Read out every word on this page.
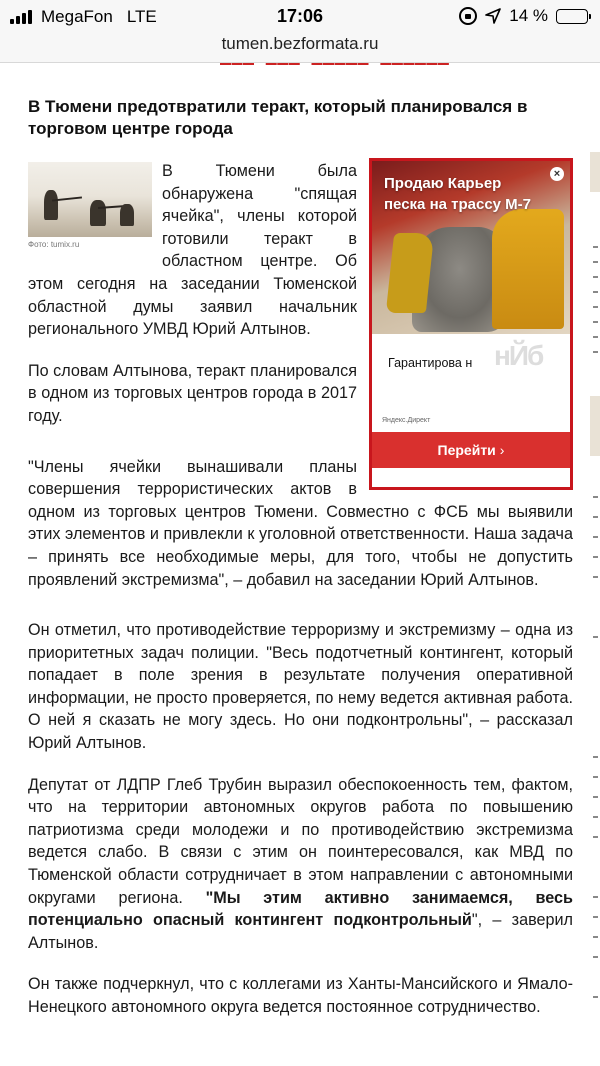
MegaFon LTE	17:06	14 %
tumen.bezformata.ru
В Тюмени предотвратили теракт, который планировался в торговом центре города
Продаю Карьер песка на трассу М-7
×
Гарантирова н нЙб
Яндекс.Директ
Перейти ›
Фото: tumix.ru

В Тюмени была обнаружена "спящая ячейка", члены которой готовили теракт в областном центре. Об этом сегодня на заседании Тюменской областной думы заявил начальник регионального УМВД Юрий Алтынов.

По словам Алтынова, теракт планировался в одном из торговых центров города в 2017 году.

"Члены ячейки вынашивали планы совершения террористических актов в одном из торговых центров Тюмени. Совместно с ФСБ мы выявили этих элементов и привлекли к уголовной ответственности. Наша задача – принять все необходимые меры, для того, чтобы не допустить проявлений экстремизма", – добавил на заседании Юрий Алтынов.

Он отметил, что противодействие терроризму и экстремизму – одна из приоритетных задач полиции. "Весь подотчетный контингент, который попадает в поле зрения в результате получения оперативной информации, не просто проверяется, по нему ведется активная работа. О ней я сказать не могу здесь. Но они подконтрольны", – рассказал Юрий Алтынов.

Депутат от ЛДПР Глеб Трубин выразил обеспокоенность тем, фактом, что на территории автономных округов работа по повышению патриотизма среди молодежи и по противодействию экстремизма ведется слабо. В связи с этим он поинтересовался, как МВД по Тюменской области сотрудничает в этом направлении с автономными округами региона. "Мы этим активно занимаемся, весь потенциально опасный контингент подконтрольный", – заверил Алтынов.

Он также подчеркнул, что с коллегами из Ханты-Мансийского и Ямало-Ненецкого автономного округа ведется постоянное сотрудничество.
